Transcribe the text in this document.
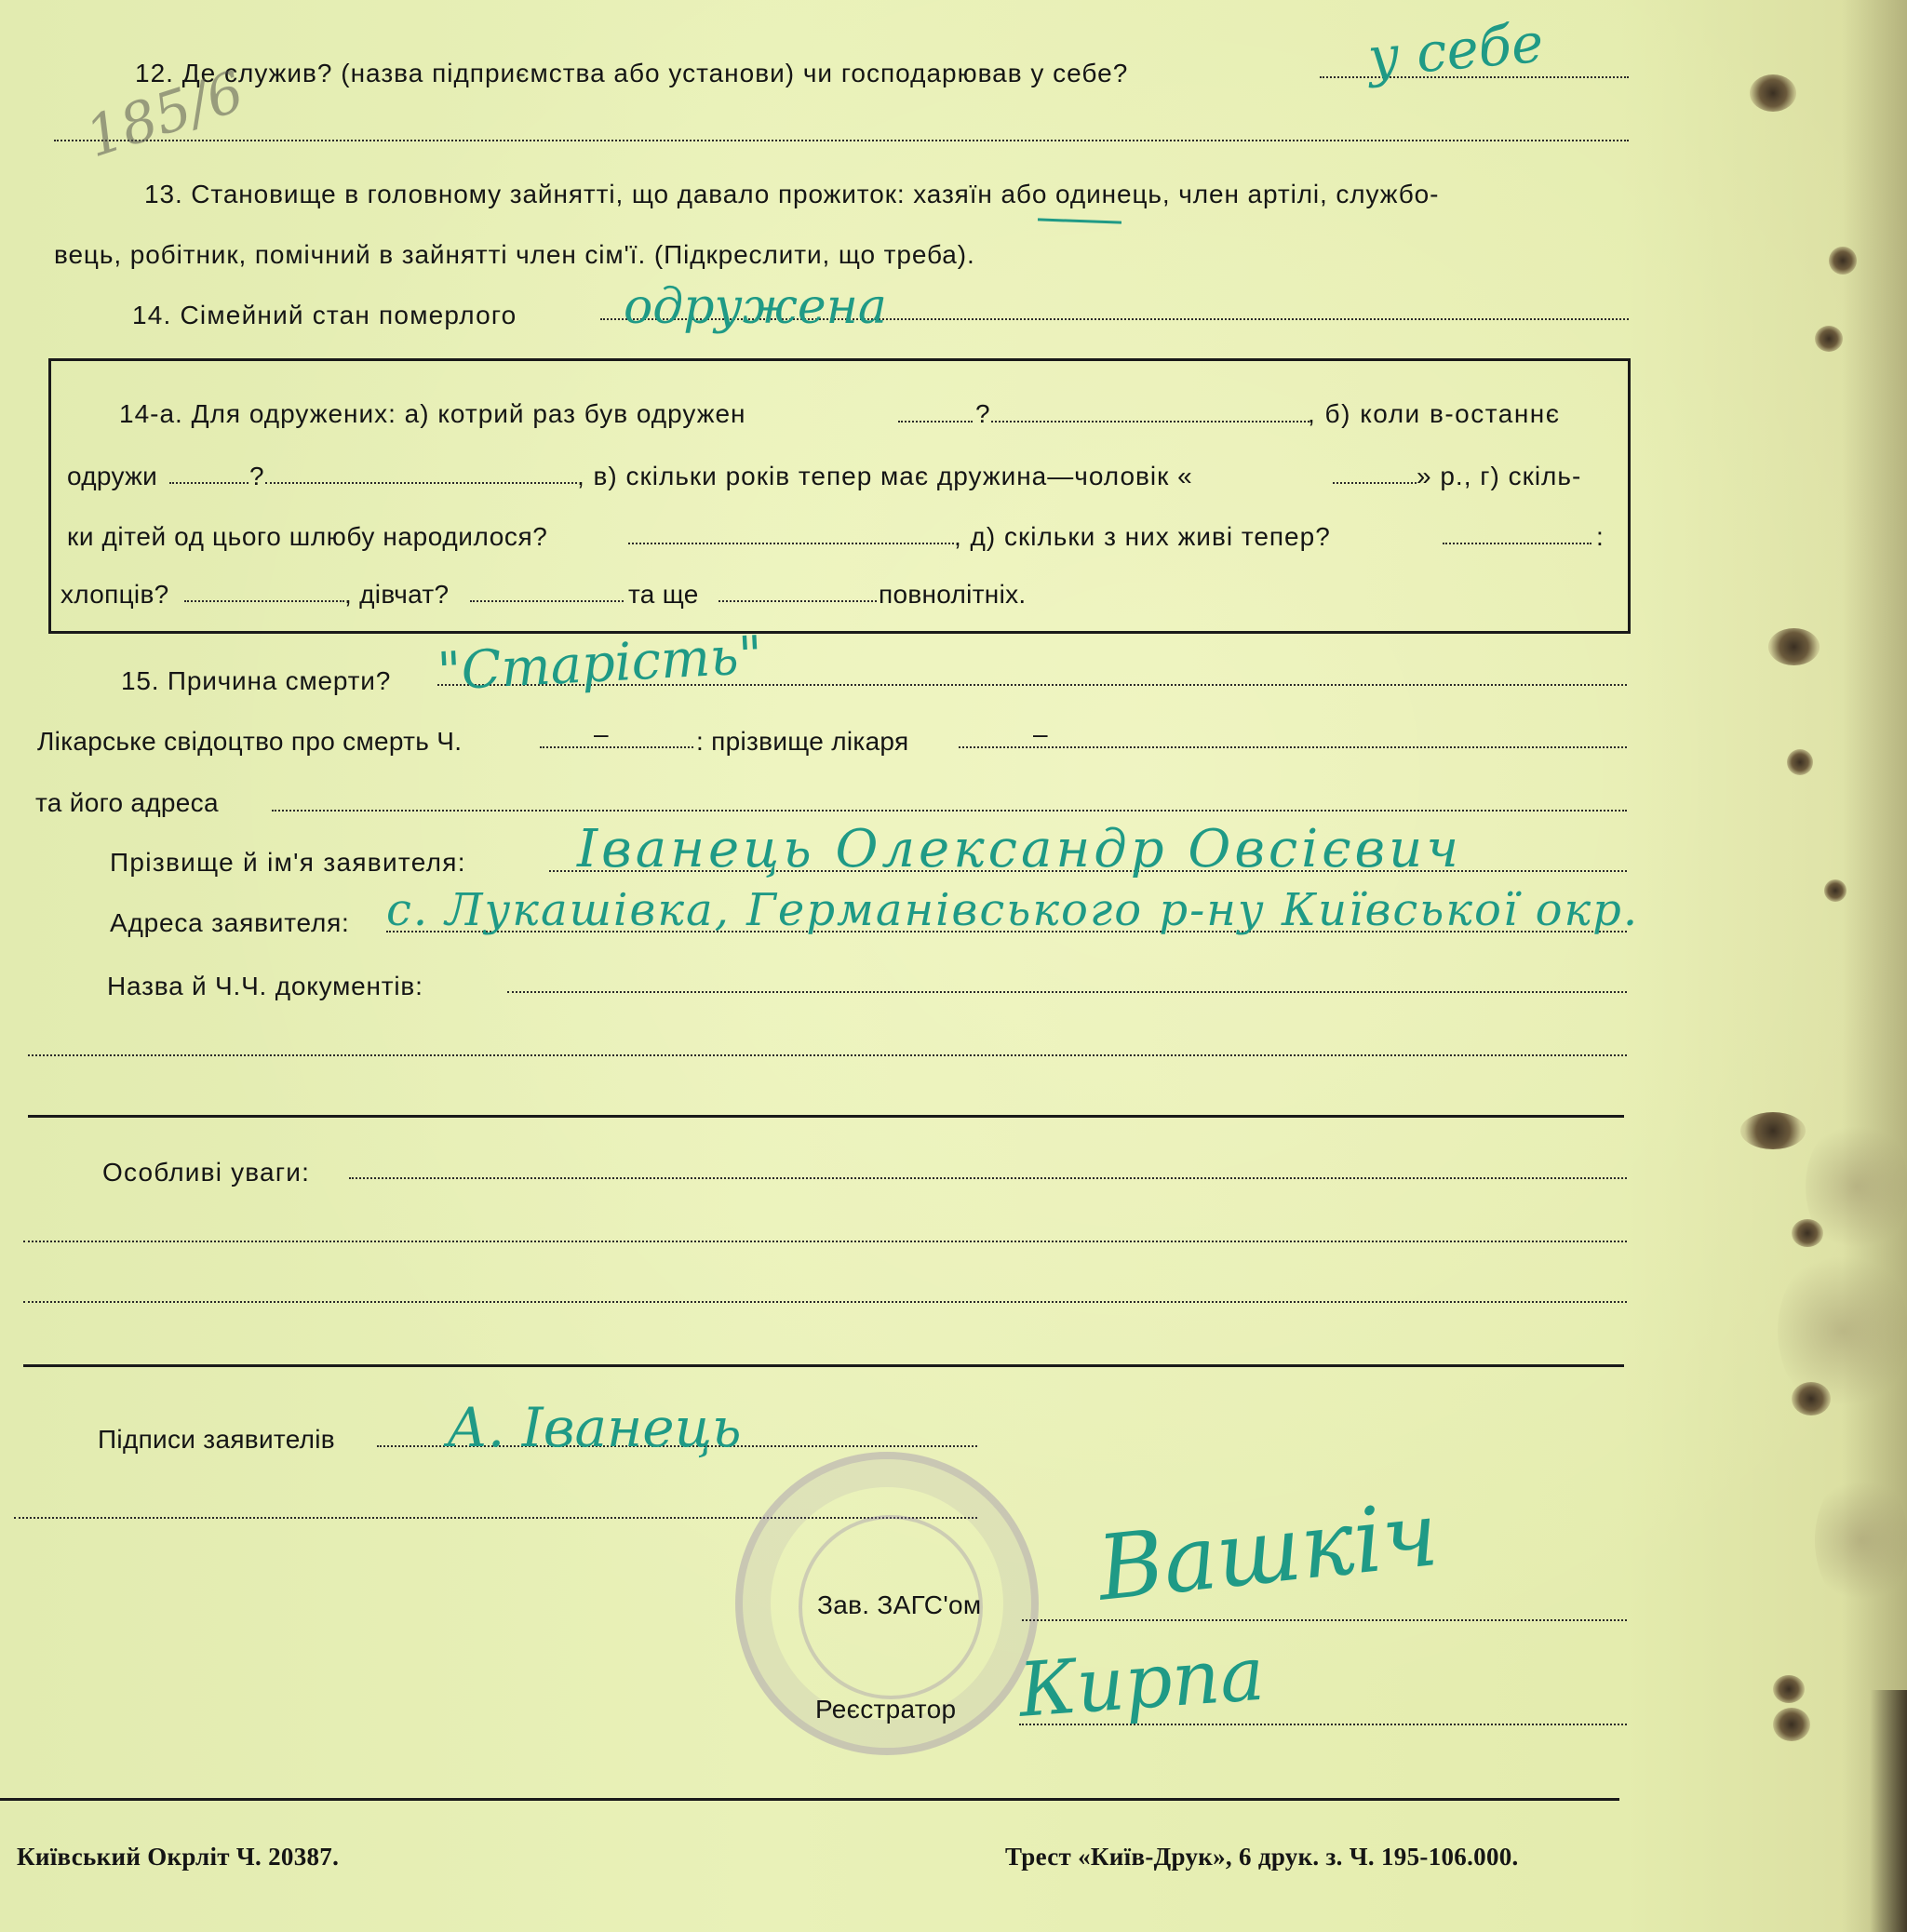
12. Де служив? (назва підприємства або установи) чи господарював у себе?	у себе
185/6
13. Становище в головному зайнятті, що давало прожиток: хазяїн або одинець, член артілі, службо-
вець, робітник, помічний в зайнятті член сім'ї. (Підкреслити, що треба).
14. Сімейний стан померлого одружена
14-а. Для одружених: а) котрий раз був одружен	?	, б) коли в-останнє
одружи	?	, в) скільки років тепер має дружина—чоловік «	» р., г) скіль-
ки дітей од цього шлюбу народилося?	, д) скільки з них живі тепер?	:
хлопців?	, дівчат?	та ще	повнолітніх.
15. Причина смерти? "Старість"
Лікарське свідоцтво про смерть Ч.	–	: прізвище лікаря	–
та його адреса
Прізвище й ім'я заявителя: Іванець Олександр Овсієвич
Адреса заявителя: с. Лукашівка, Германівського р-ну Київської окр.
Назва й Ч.Ч. документів:
Особливі уваги:
Підписи заявителів А. Іванець
Зав. ЗАГС'ом Вашкіч
Реєстратор Кирпа
Київський Окрліт Ч. 20387.	Трест «Київ-Друк», 6 друк. з. Ч. 195-106.000.
